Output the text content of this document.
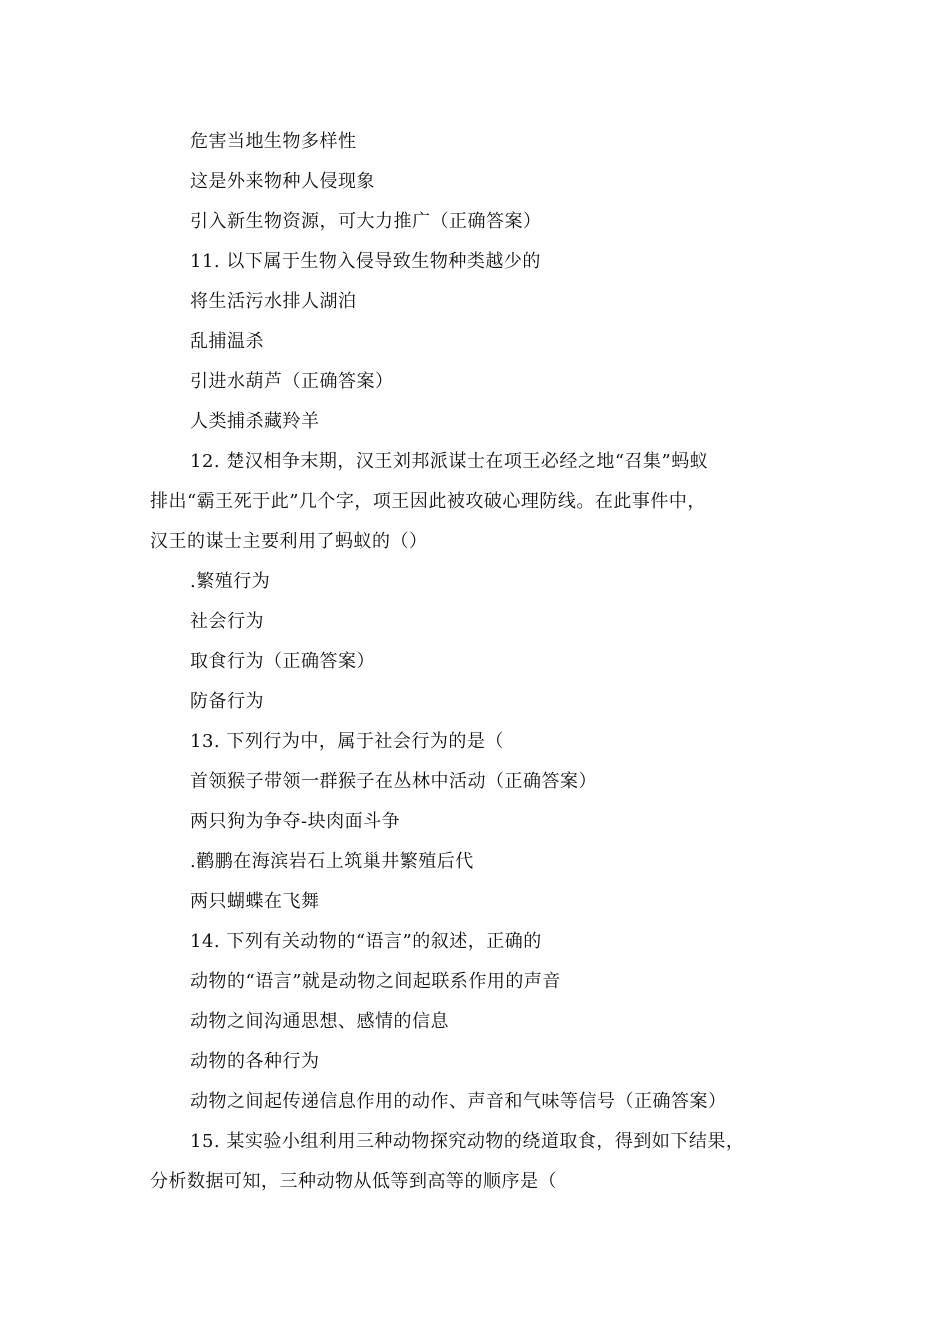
危害当地生物多样性
这是外来物种人侵现象
引入新生物资源，可大力推广（正确答案）
11. 以下属于生物入侵导致生物种类越少的
将生活污水排人湖泊
乱捕温杀
引进水葫芦（正确答案）
人类捕杀藏羚羊
12. 楚汉相争末期，汉王刘邦派谋士在项王必经之地“召集”蚂蚁
排出“霸王死于此”几个字，项王因此被攻破心理防线。在此事件中，
汉王的谋士主要利用了蚂蚁的（）
.繁殖行为
社会行为
取食行为（正确答案）
防备行为
13. 下列行为中，属于社会行为的是（
首领猴子带领一群猴子在丛林中活动（正确答案）
两只狗为争夺-块肉面斗争
.鹳鹏在海滨岩石上筑巢井繁殖后代
两只蝴蝶在飞舞
14. 下列有关动物的“语言”的叙述，正确的
动物的“语言”就是动物之间起联系作用的声音
动物之间沟通思想、感情的信息
动物的各种行为
动物之间起传递信息作用的动作、声音和气味等信号（正确答案）
15. 某实验小组利用三种动物探究动物的绕道取食，得到如下结果，
分析数据可知，三种动物从低等到高等的顺序是（
